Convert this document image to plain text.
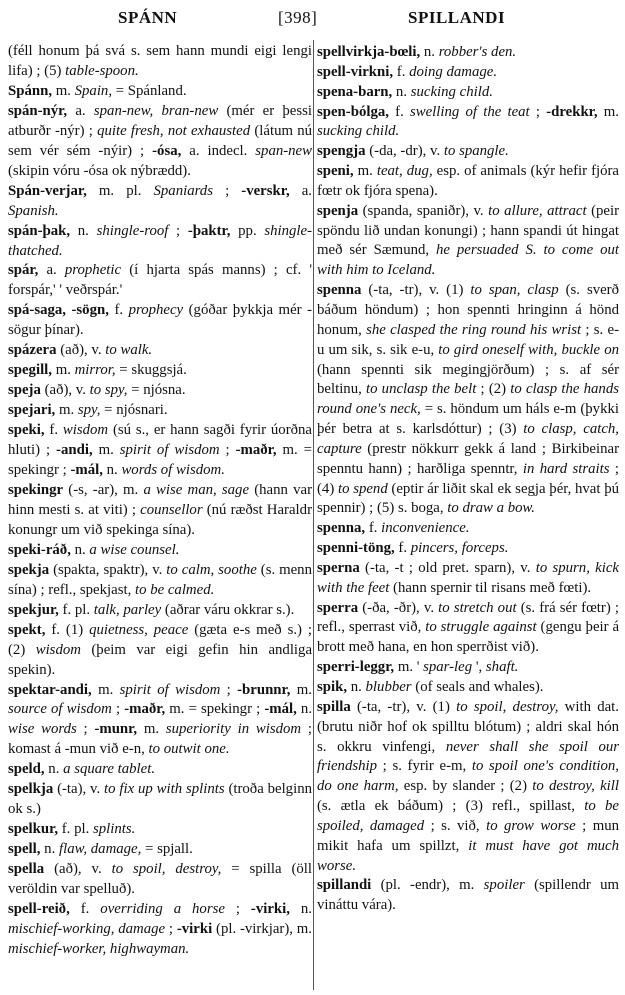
SPÁNN	[398]	SPILLANDI

(féll honum þá svá s. sem hann mundi eigi lengi lifa) ; (5) table-spoon.

Spánn, m. Spain, = Spánland.

spán-nýr, a. span-new, bran-new (mér er þessi atburðr -nýr) ; quite fresh, not exhausted (látum nú sem vér sém -nýir) ; -ósa, a. indecl. span-new (skipin vóru -ósa ok nýbrædd).

Spán-verjar, m. pl. Spaniards ; -verskr, a. Spanish.

spán-þak, n. shingle-roof ; -þaktr, pp. shingle-thatched.

spár, a. prophetic (í hjarta spás manns) ; cf. ' forspár,' ' veðrspár.'

spá-saga, -sögn, f. prophecy (góðar þykkja mér -sögur þínar).

spázera (að), v. to walk.

spegill, m. mirror, = skuggsjá.

speja (að), v. to spy, = njósna.

spejari, m. spy, = njósnari.

speki, f. wisdom (sú s., er hann sagði fyrir úorðna hluti) ; -andi, m. spirit of wisdom ; -maðr, m. = spekingr ; -mál, n. words of wisdom.

spekingr (-s, -ar), m. a wise man, sage (hann var hinn mesti s. at viti) ; counsellor (nú ræðst Haraldr konungr um við spekinga sína).

speki-ráð, n. a wise counsel.

spekja (spakta, spaktr), v. to calm, soothe (s. menn sína) ; refl., spekjast, to be calmed.

spekjur, f. pl. talk, parley (aðrar váru okkrar s.).

spekt, f. (1) quietness, peace (gæta e-s með s.) ; (2) wisdom (þeim var eigi gefin hin andliga spekin).

spektar-andi, m. spirit of wisdom ; -brunnr, m. source of wisdom ; -maðr, m. = spekingr ; -mál, n. wise words ; -munr, m. superiority in wisdom ; komast á -mun við e-n, to outwit one.

speld, n. a square tablet.

spelkja (-ta), v. to fix up with splints (troða belginn ok s.)

spelkur, f. pl. splints.

spell, n. flaw, damage, = spjall.

spella (að), v. to spoil, destroy, = spilla (öll veröldin var spelluð).

spell-reið, f. overriding a horse ; -virki, n. mischief-working, damage ; -virki (pl. -virkjar), m. mischief-worker, highwayman.

spellvirkja-bœli, n. robber's den.

spell-virkni, f. doing damage.

spena-barn, n. sucking child.

spen-bólga, f. swelling of the teat ; -drekkr, m. sucking child.

spengja (-da, -dr), v. to spangle.

speni, m. teat, dug, esp. of animals (kýr hefir fjóra fœtr ok fjóra spena).

spenja (spanda, spaniðr), v. to allure, attract (peir spöndu lið undan konungi) ; hann spandi út hingat með sér Sæmund, he persuaded S. to come out with him to Iceland.

spenna (-ta, -tr), v. (1) to span, clasp (s. sverð báðum höndum) ; hon spennti hringinn á hönd honum, she clasped the ring round his wrist ; s. e-u um sik, s. sik e-u, to gird oneself with, buckle on (hann spennti sik megingjörðum) ; s. af sér beltinu, to unclasp the belt ; (2) to clasp the hands round one's neck, = s. höndum um háls e-m (þykki þér betra at s. karlsdóttur) ; (3) to clasp, catch, capture (prestr nökkurr gekk á land ; Birkibeinar spenntu hann) ; harðliga spenntr, in hard straits ; (4) to spend (eptir ár liðit skal ek segja þér, hvat þú spennir) ; (5) s. boga, to draw a bow.

spenna, f. inconvenience.

spenni-töng, f. pincers, forceps.

sperna (-ta, -t ; old pret. sparn), v. to spurn, kick with the feet (hann spernir til risans með fœti).

sperra (-ða, -ðr), v. to stretch out (s. frá sér fœtr) ; refl., sperrast við, to struggle against (gengu þeir á brott með hana, en hon sperrðist við).

sperri-leggr, m. ' spar-leg ', shaft.

spik, n. blubber (of seals and whales).

spilla (-ta, -tr), v. (1) to spoil, destroy, with dat. (brutu niðr hof ok spilltu blótum) ; aldri skal hón s. okkru vinfengi, never shall she spoil our friendship ; s. fyrir e-m, to spoil one's condition, do one harm, esp. by slander ; (2) to destroy, kill (s. ætla ek báðum) ; (3) refl., spillast, to be spoiled, damaged ; s. við, to grow worse ; mun mikit hafa um spillzt, it must have got much worse.

spillandi (pl. -endr), m. spoiler (spillendr um vináttu vára).
